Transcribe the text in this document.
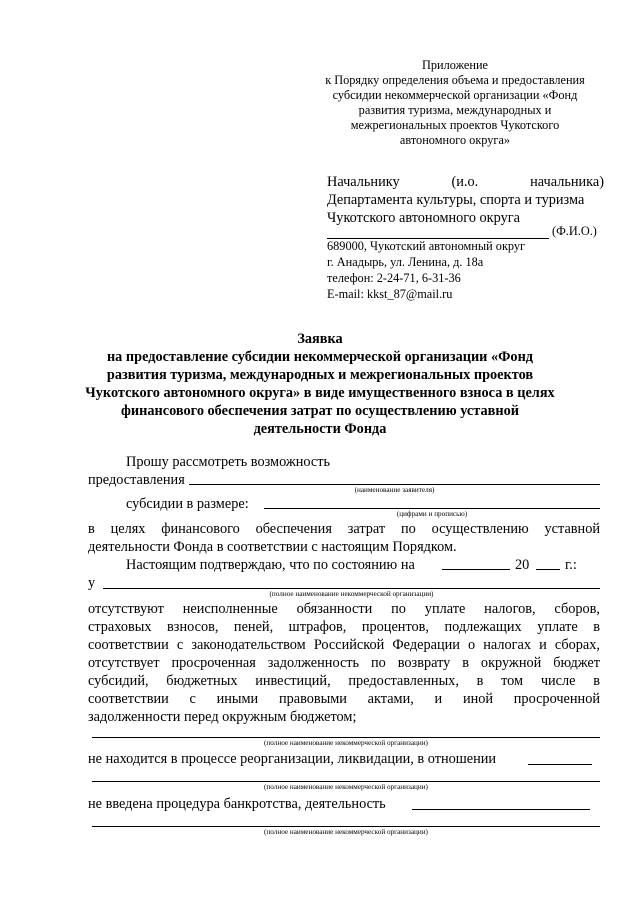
Приложение
к Порядку определения объема и предоставления
субсидии некоммерческой организации «Фонд
развития туризма, международных и
межрегиональных проектов Чукотского
автономного округа»
Начальнику	(и.о.	начальника)
Департамента культуры, спорта и туризма
Чукотского автономного округа
(Ф.И.О.)
689000, Чукотский автономный округ
г. Анадырь, ул. Ленина, д. 18а
телефон: 2-24-71, 6-31-36
E-mail: kkst_87@mail.ru
Заявка
на предоставление субсидии некоммерческой организации «Фонд
развития туризма, международных и межрегиональных проектов
Чукотского автономного округа» в виде имущественного взноса в целях
финансового обеспечения затрат по осуществлению уставной
деятельности Фонда
Прошу рассмотреть возможность
предоставления
(наименование заявителя)
субсидии в размере:
(цифрами и прописью)
в целях финансового обеспечения затрат по осуществлению уставной
деятельности Фонда в соответствии с настоящим Порядком.
Настоящим подтверждаю, что по состоянию на	20 г.:
у
(полное наименование некоммерческой организации)
отсутствуют неисполненные обязанности по уплате налогов, сборов,
страховых взносов, пеней, штрафов, процентов, подлежащих уплате в
соответствии с законодательством Российской Федерации о налогах и сборах,
отсутствует просроченная задолженность по возврату в окружной бюджет
субсидий, бюджетных инвестиций, предоставленных, в том числе в
соответствии с иными правовыми актами, и иной просроченной
задолженности перед окружным бюджетом;
(полное наименование некоммерческой организации)
не находится в процессе реорганизации, ликвидации, в отношении
(полное наименование некоммерческой организации)
не введена процедура банкротства, деятельность
(полное наименование некоммерческой организации)
